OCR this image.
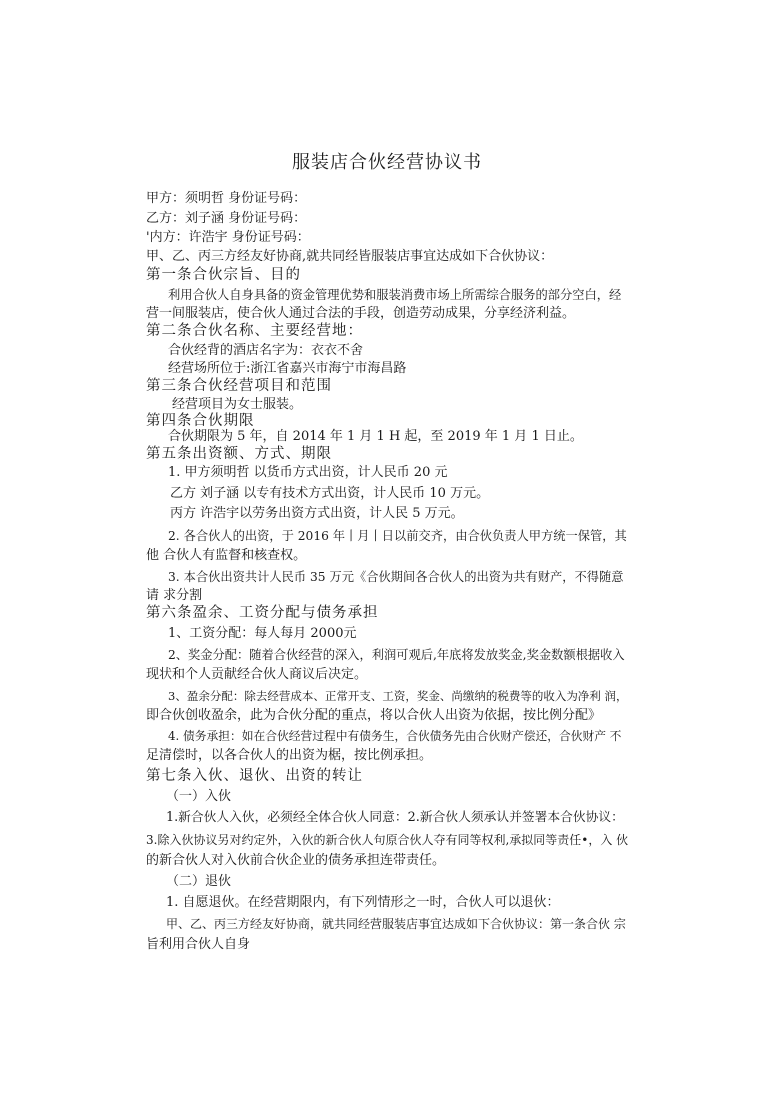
服装店合伙经营协议书
甲方：须明哲 身份证号码：
乙方：刘子涵 身份证号码：
'内方：许浩宇 身份证号码：
甲、乙、丙三方经友好协商,就共同经皆服装店事宜达成如下合伙协议：
第一条合伙宗旨、目的
利用合伙人自身具备的资金管理优势和服装消费市场上所需综合服务的部分空白，经
营一间服装店，使合伙人通过合法的手段，创造劳动成果，分享经济利益。
第二条合伙名称、主要经营地：
合伙经背的酒店名字为：衣衣不舍
经营场所位于:浙江省嘉兴市海宁市海昌路
第三条合伙经营项目和范围
经营项目为女士服装。
第四条合伙期限
合伙期限为 5 年，自 2014 年 1 月 1 H 起，至 2019 年 1 月 1 日止。
第五条出资额、方式、期限
1. 甲方须明哲 以货币方式出资，计人民币 20 元
乙方 刘子涵 以专有技术方式出资，计人民币 10 万元。
丙方 许浩宇以劳务出资方式出资，计人民 5 万元。
2. 各合伙人的出资，于 2016 年丨月丨日以前交齐，由合伙负责人甲方统一保管，其
他 合伙人有监督和核查权。
3. 本合伙出资共计人民币 35 万元《合伙期间各合伙人的出资为共有财产，不得随意
请 求分割
第六条盈余、工资分配与债务承担
1、工资分配：每人每月 2000元
2、奖金分配：随着合伙经营的深入，利润可观后,年底将发放奖金,奖金数额根据收入
现状和个人贡献经合伙人商议后决定。
3、盈余分配：除去经营成本、正常开支、工资，奖金、尚缴纳的税费等的收入为净利 润，
即合伙创收盈余，此为合伙分配的重点，将以合伙人出资为依据，按比例分配》
4. 债务承担：如在合伙经营过程中有债务生，合伙债务先由合伙财产偿还，合伙财产 不
足清偿时，以各合伙人的出资为椐，按比例承担。
第七条入伙、退伙、出资的转让
（一）入伙
1.新合伙人入伙，必须经全体合伙人同意：2.新合伙人须承认并签署本合伙协议：
3.除入伙协议另对约定外，入伙的新合伙人句原合伙人夺有同等权利,承拟同等责任•，入 伙
的新合伙人对入伙前合伙企业的债务承担连带责任。
（二）退伙
1. 自愿退伙。在经营期限内，有下列情形之一时，合伙人可以退伙：
甲、乙、丙三方经友好协商，就共同经营服装店事宜达成如下合伙协议：第一条合伙 宗
旨利用合伙人自身
